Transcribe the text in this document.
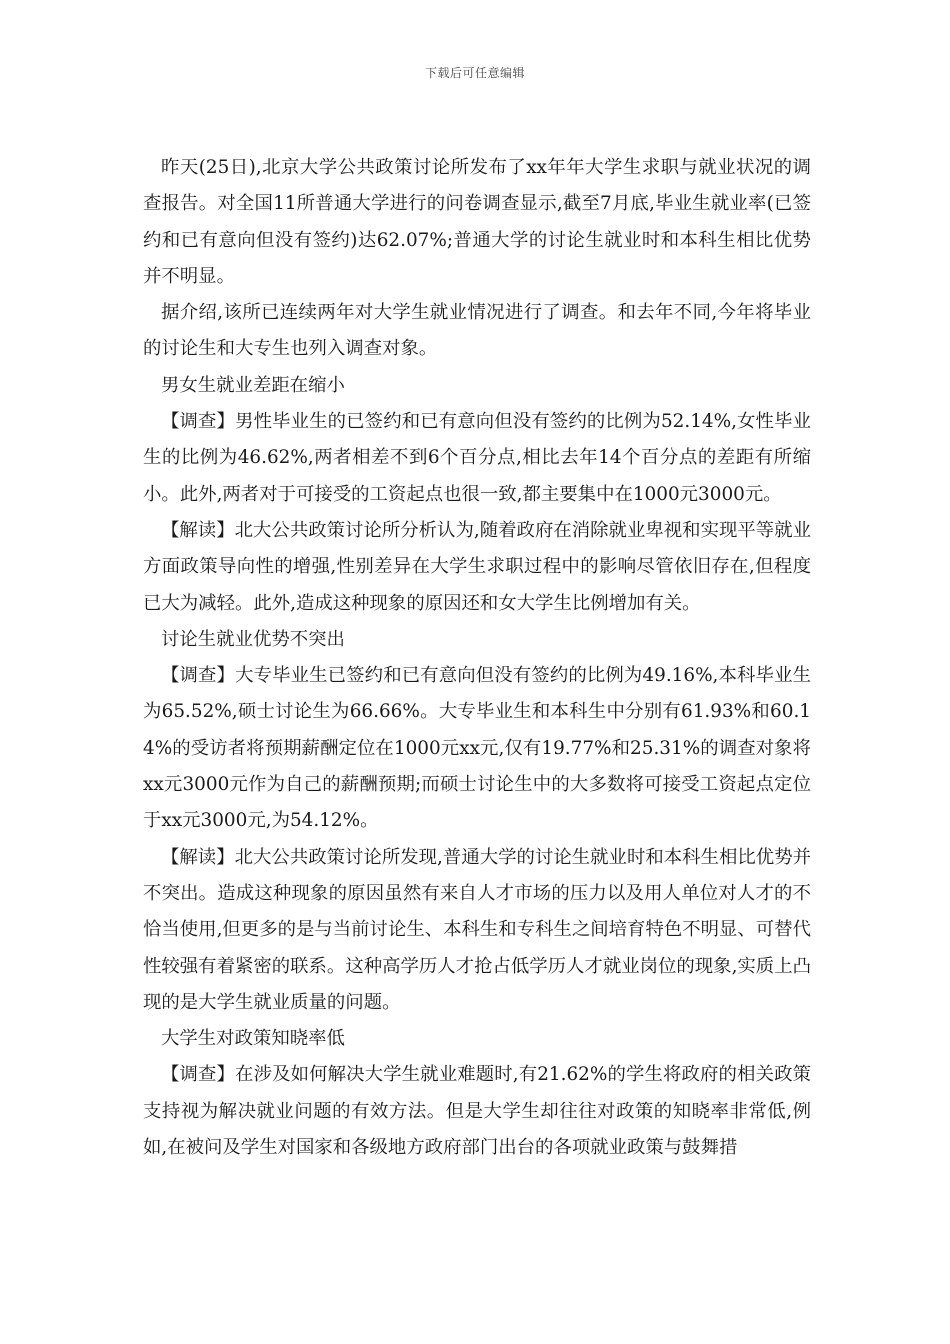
下载后可任意编辑

昨天(25日),北京大学公共政策讨论所发布了xx年年大学生求职与就业状况的调查报告。对全国11所普通大学进行的问卷调查显示,截至7月底,毕业生就业率(已签约和已有意向但没有签约)达62.07%;普通大学的讨论生就业时和本科生相比优势并不明显。

据介绍,该所已连续两年对大学生就业情况进行了调查。和去年不同,今年将毕业的讨论生和大专生也列入调查对象。

男女生就业差距在缩小

【调查】男性毕业生的已签约和已有意向但没有签约的比例为52.14%,女性毕业生的比例为46.62%,两者相差不到6个百分点,相比去年14个百分点的差距有所缩小。此外,两者对于可接受的工资起点也很一致,都主要集中在1000元3000元。

【解读】北大公共政策讨论所分析认为,随着政府在消除就业卑视和实现平等就业方面政策导向性的增强,性别差异在大学生求职过程中的影响尽管依旧存在,但程度已大为减轻。此外,造成这种现象的原因还和女大学生比例增加有关。

讨论生就业优势不突出

【调查】大专毕业生已签约和已有意向但没有签约的比例为49.16%,本科毕业生为65.52%,硕士讨论生为66.66%。大专毕业生和本科生中分别有61.93%和60.14%的受访者将预期薪酬定位在1000元xx元,仅有19.77%和25.31%的调查对象将xx元3000元作为自己的薪酬预期;而硕士讨论生中的大多数将可接受工资起点定位于xx元3000元,为54.12%。

【解读】北大公共政策讨论所发现,普通大学的讨论生就业时和本科生相比优势并不突出。造成这种现象的原因虽然有来自人才市场的压力以及用人单位对人才的不恰当使用,但更多的是与当前讨论生、本科生和专科生之间培育特色不明显、可替代性较强有着紧密的联系。这种高学历人才抢占低学历人才就业岗位的现象,实质上凸现的是大学生就业质量的问题。

大学生对政策知晓率低

【调查】在涉及如何解决大学生就业难题时,有21.62%的学生将政府的相关政策支持视为解决就业问题的有效方法。但是大学生却往往对政策的知晓率非常低,例如,在被问及学生对国家和各级地方政府部门出台的各项就业政策与鼓舞措
